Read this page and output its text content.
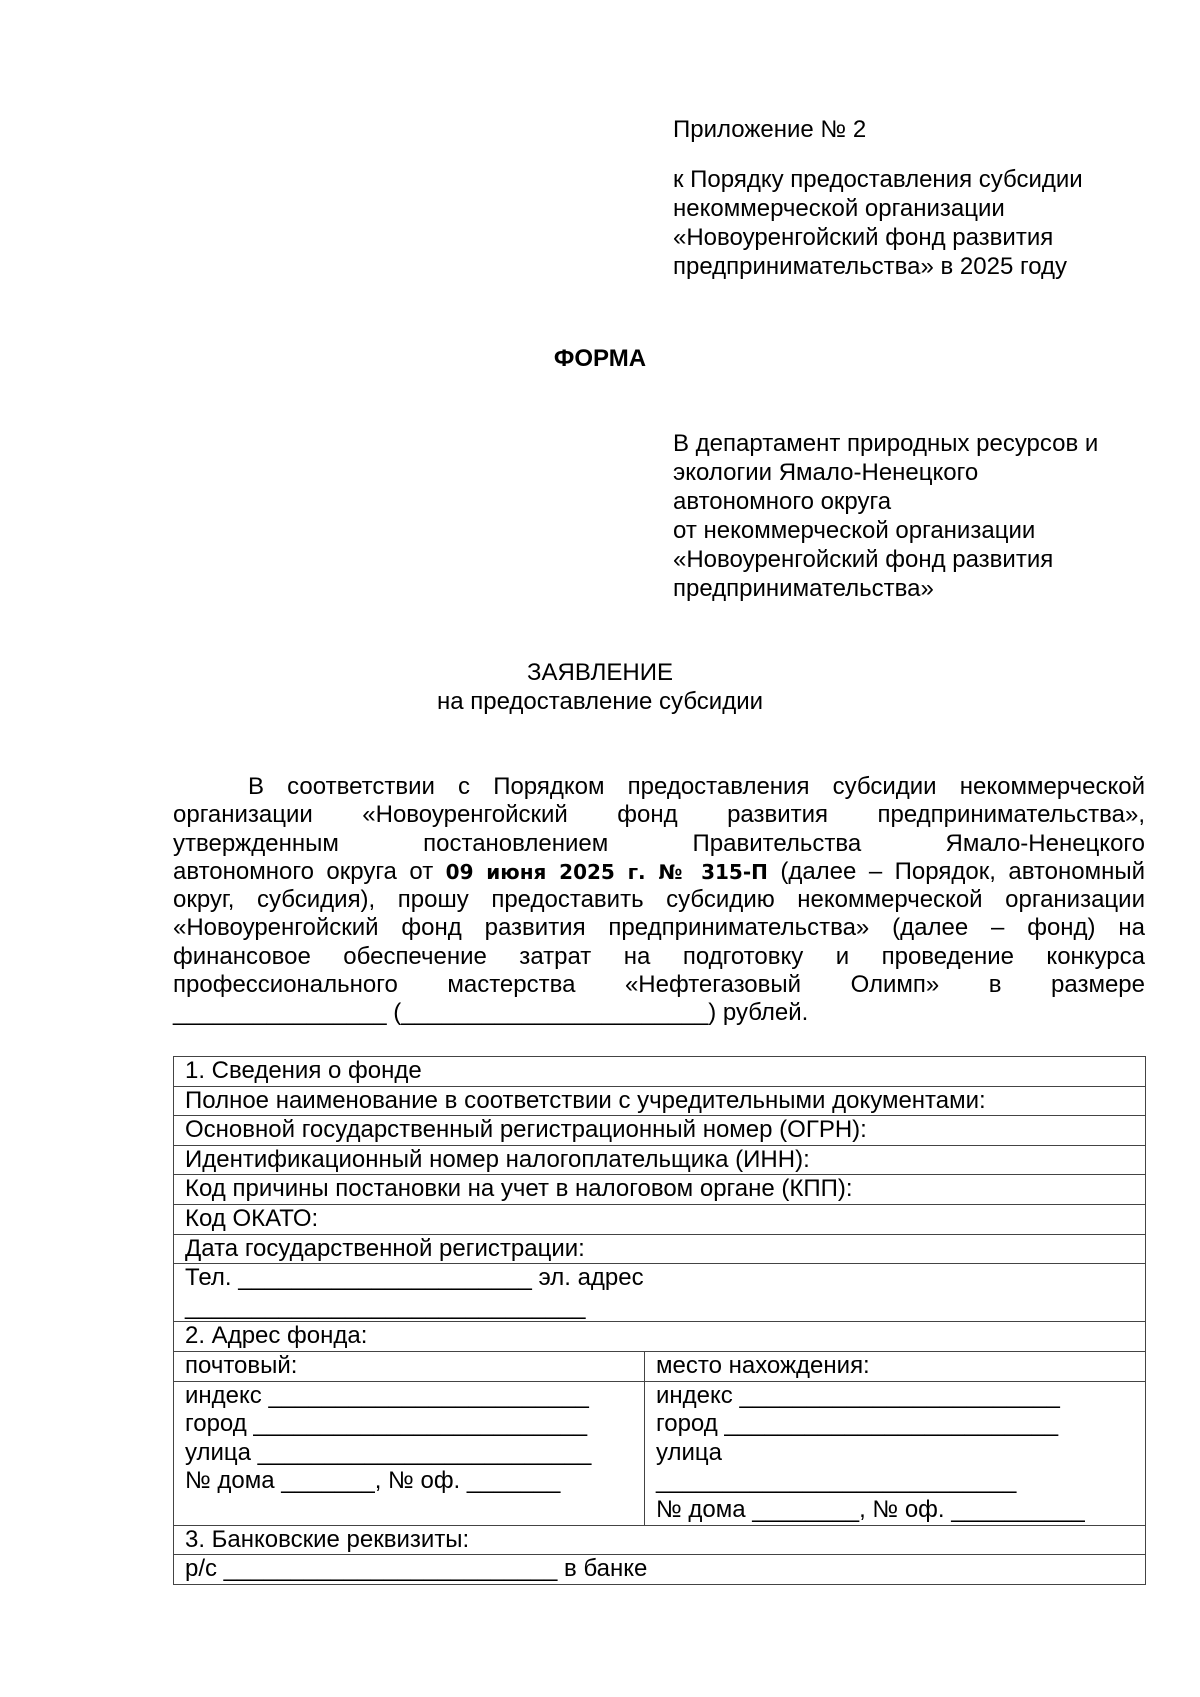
Приложение № 2
к Порядку предоставления субсидии
некоммерческой организации
«Новоуренгойский фонд развития
предпринимательства» в 2025 году
ФОРМА
В департамент природных ресурсов и
экологии Ямало-Ненецкого
автономного округа
от некоммерческой организации
«Новоуренгойский фонд развития
предпринимательства»
ЗАЯВЛЕНИЕ
на предоставление субсидии
В соответствии с Порядком предоставления субсидии некоммерческой
организации «Новоуренгойский фонд развития предпринимательства»,
утвержденным постановлением Правительства Ямало-Ненецкого
автономного округа от 09 июня 2025 г. № 315-П (далее – Порядок, автономный
округ, субсидия), прошу предоставить субсидию некоммерческой организации
«Новоуренгойский фонд развития предпринимательства» (далее – фонд) на
финансовое обеспечение затрат на подготовку и проведение конкурса
профессионального мастерства «Нефтегазовый Олимп» в размере
________________ (_______________________) рублей.
1. Сведения о фонде	
Полное наименование в соответствии с учредительными документами:	
Основной государственный регистрационный номер (ОГРН):	
Идентификационный номер налогоплательщика (ИНН):	
Код причины постановки на учет в налоговом органе (КПП):	
Код ОКАТО:	
Дата государственной регистрации:	

Тел. ______________________ эл. адрес
______________________________	

2. Адрес фонда:	
почтовый:	место нахождения:

индекс ________________________
город _________________________
улица _________________________
№ дома _______, № оф. _______	индекс ________________________
город _________________________
улица
___________________________
№ дома ________, № оф. __________

3. Банковские реквизиты:	
р/с _________________________ в банке	
